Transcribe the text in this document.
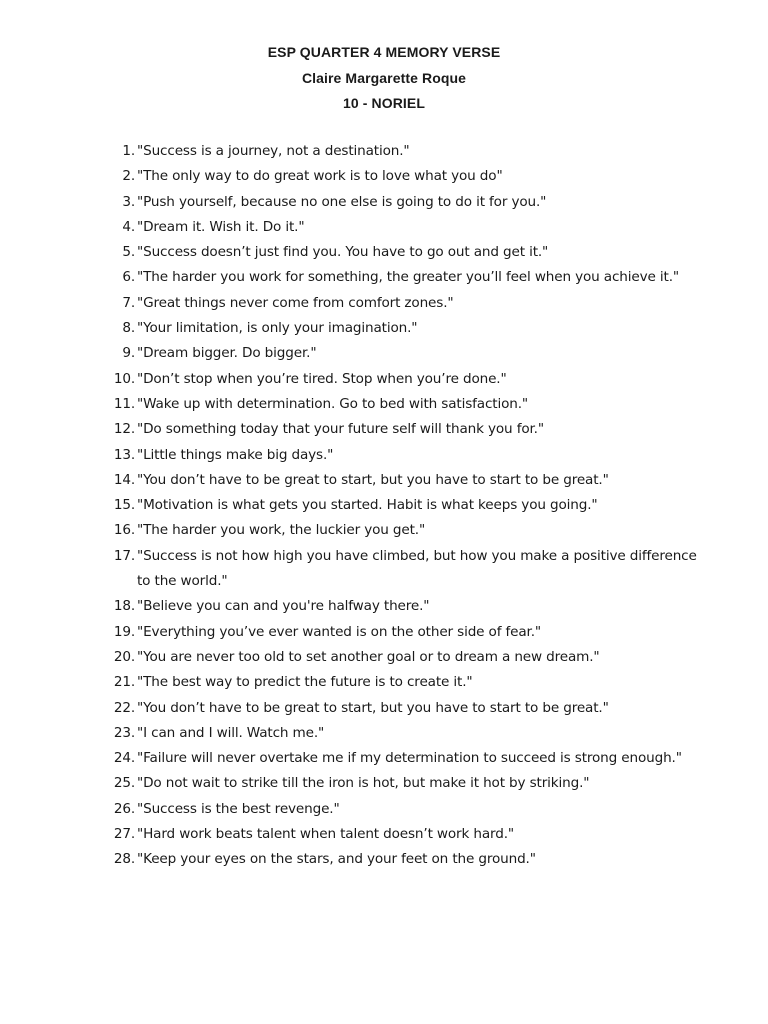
ESP QUARTER 4 MEMORY VERSE
Claire Margarette Roque
10 - NORIEL
1. "Success is a journey, not a destination."
2. "The only way to do great work is to love what you do"
3. "Push yourself, because no one else is going to do it for you."
4. "Dream it. Wish it. Do it."
5. "Success doesn’t just find you. You have to go out and get it."
6. "The harder you work for something, the greater you’ll feel when you achieve it."
7. "Great things never come from comfort zones."
8. "Your limitation, is only your imagination."
9. "Dream bigger. Do bigger."
10. "Don’t stop when you’re tired. Stop when you’re done."
11. "Wake up with determination. Go to bed with satisfaction."
12. "Do something today that your future self will thank you for."
13. "Little things make big days."
14. "You don’t have to be great to start, but you have to start to be great."
15. "Motivation is what gets you started. Habit is what keeps you going."
16. "The harder you work, the luckier you get."
17. "Success is not how high you have climbed, but how you make a positive difference to the world."
18. "Believe you can and you're halfway there."
19. "Everything you’ve ever wanted is on the other side of fear."
20. "You are never too old to set another goal or to dream a new dream."
21. "The best way to predict the future is to create it."
22. "You don’t have to be great to start, but you have to start to be great."
23. "I can and I will. Watch me."
24. "Failure will never overtake me if my determination to succeed is strong enough."
25. "Do not wait to strike till the iron is hot, but make it hot by striking."
26. "Success is the best revenge."
27. "Hard work beats talent when talent doesn’t work hard."
28. "Keep your eyes on the stars, and your feet on the ground."
